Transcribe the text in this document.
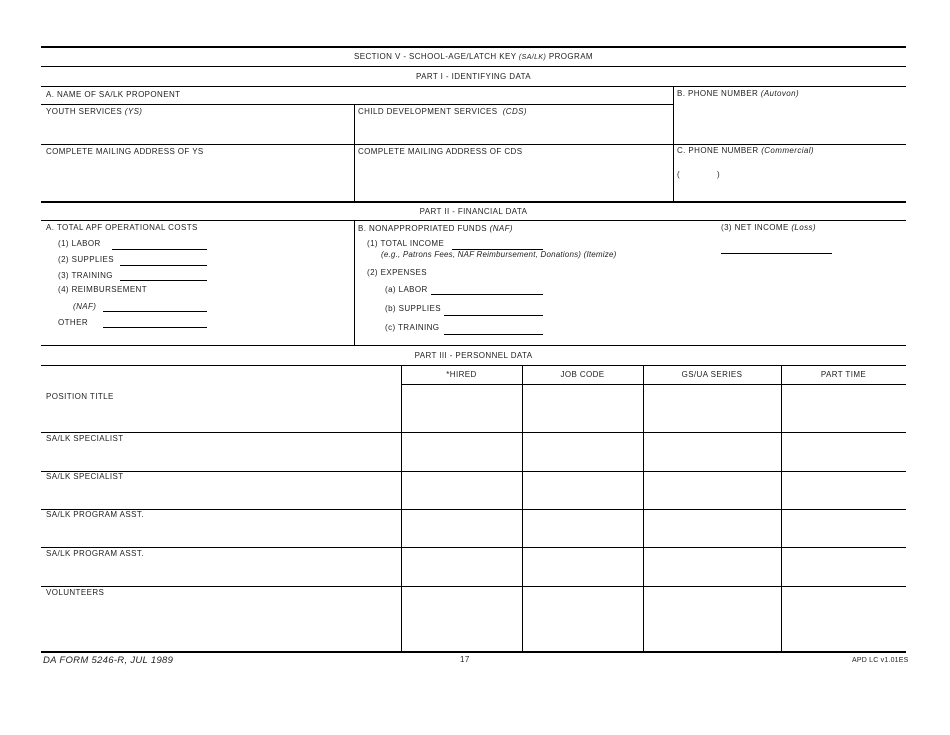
SECTION V - SCHOOL-AGE/LATCH KEY (SA/LK) PROGRAM
PART I - IDENTIFYING DATA
A. NAME OF SA/LK PROPONENT
YOUTH SERVICES (YS)	CHILD DEVELOPMENT SERVICES (CDS)
B. PHONE NUMBER (Autovon)
COMPLETE MAILING ADDRESS OF YS	COMPLETE MAILING ADDRESS OF CDS	C. PHONE NUMBER (Commercial)
(	)
PART II - FINANCIAL DATA
A. TOTAL APF OPERATIONAL COSTS
(1) LABOR
(2) SUPPLIES
(3) TRAINING
(4) REIMBURSEMENT
(NAF)
OTHER
B. NONAPPROPRIATED FUNDS (NAF)
(1) TOTAL INCOME
(e.g., Patrons Fees, NAF Reimbursement, Donations) (Itemize)
(2) EXPENSES
(a) LABOR
(b) SUPPLIES
(c) TRAINING
(3) NET INCOME (Loss)
PART III - PERSONNEL DATA
*HIRED	JOB CODE	GS/UA SERIES	PART TIME
POSITION TITLE
SA/LK SPECIALIST
SA/LK SPECIALIST
SA/LK PROGRAM ASST.
SA/LK PROGRAM ASST.
VOLUNTEERS
DA FORM 5246-R, JUL 1989	17	APD LC v1.01ES
